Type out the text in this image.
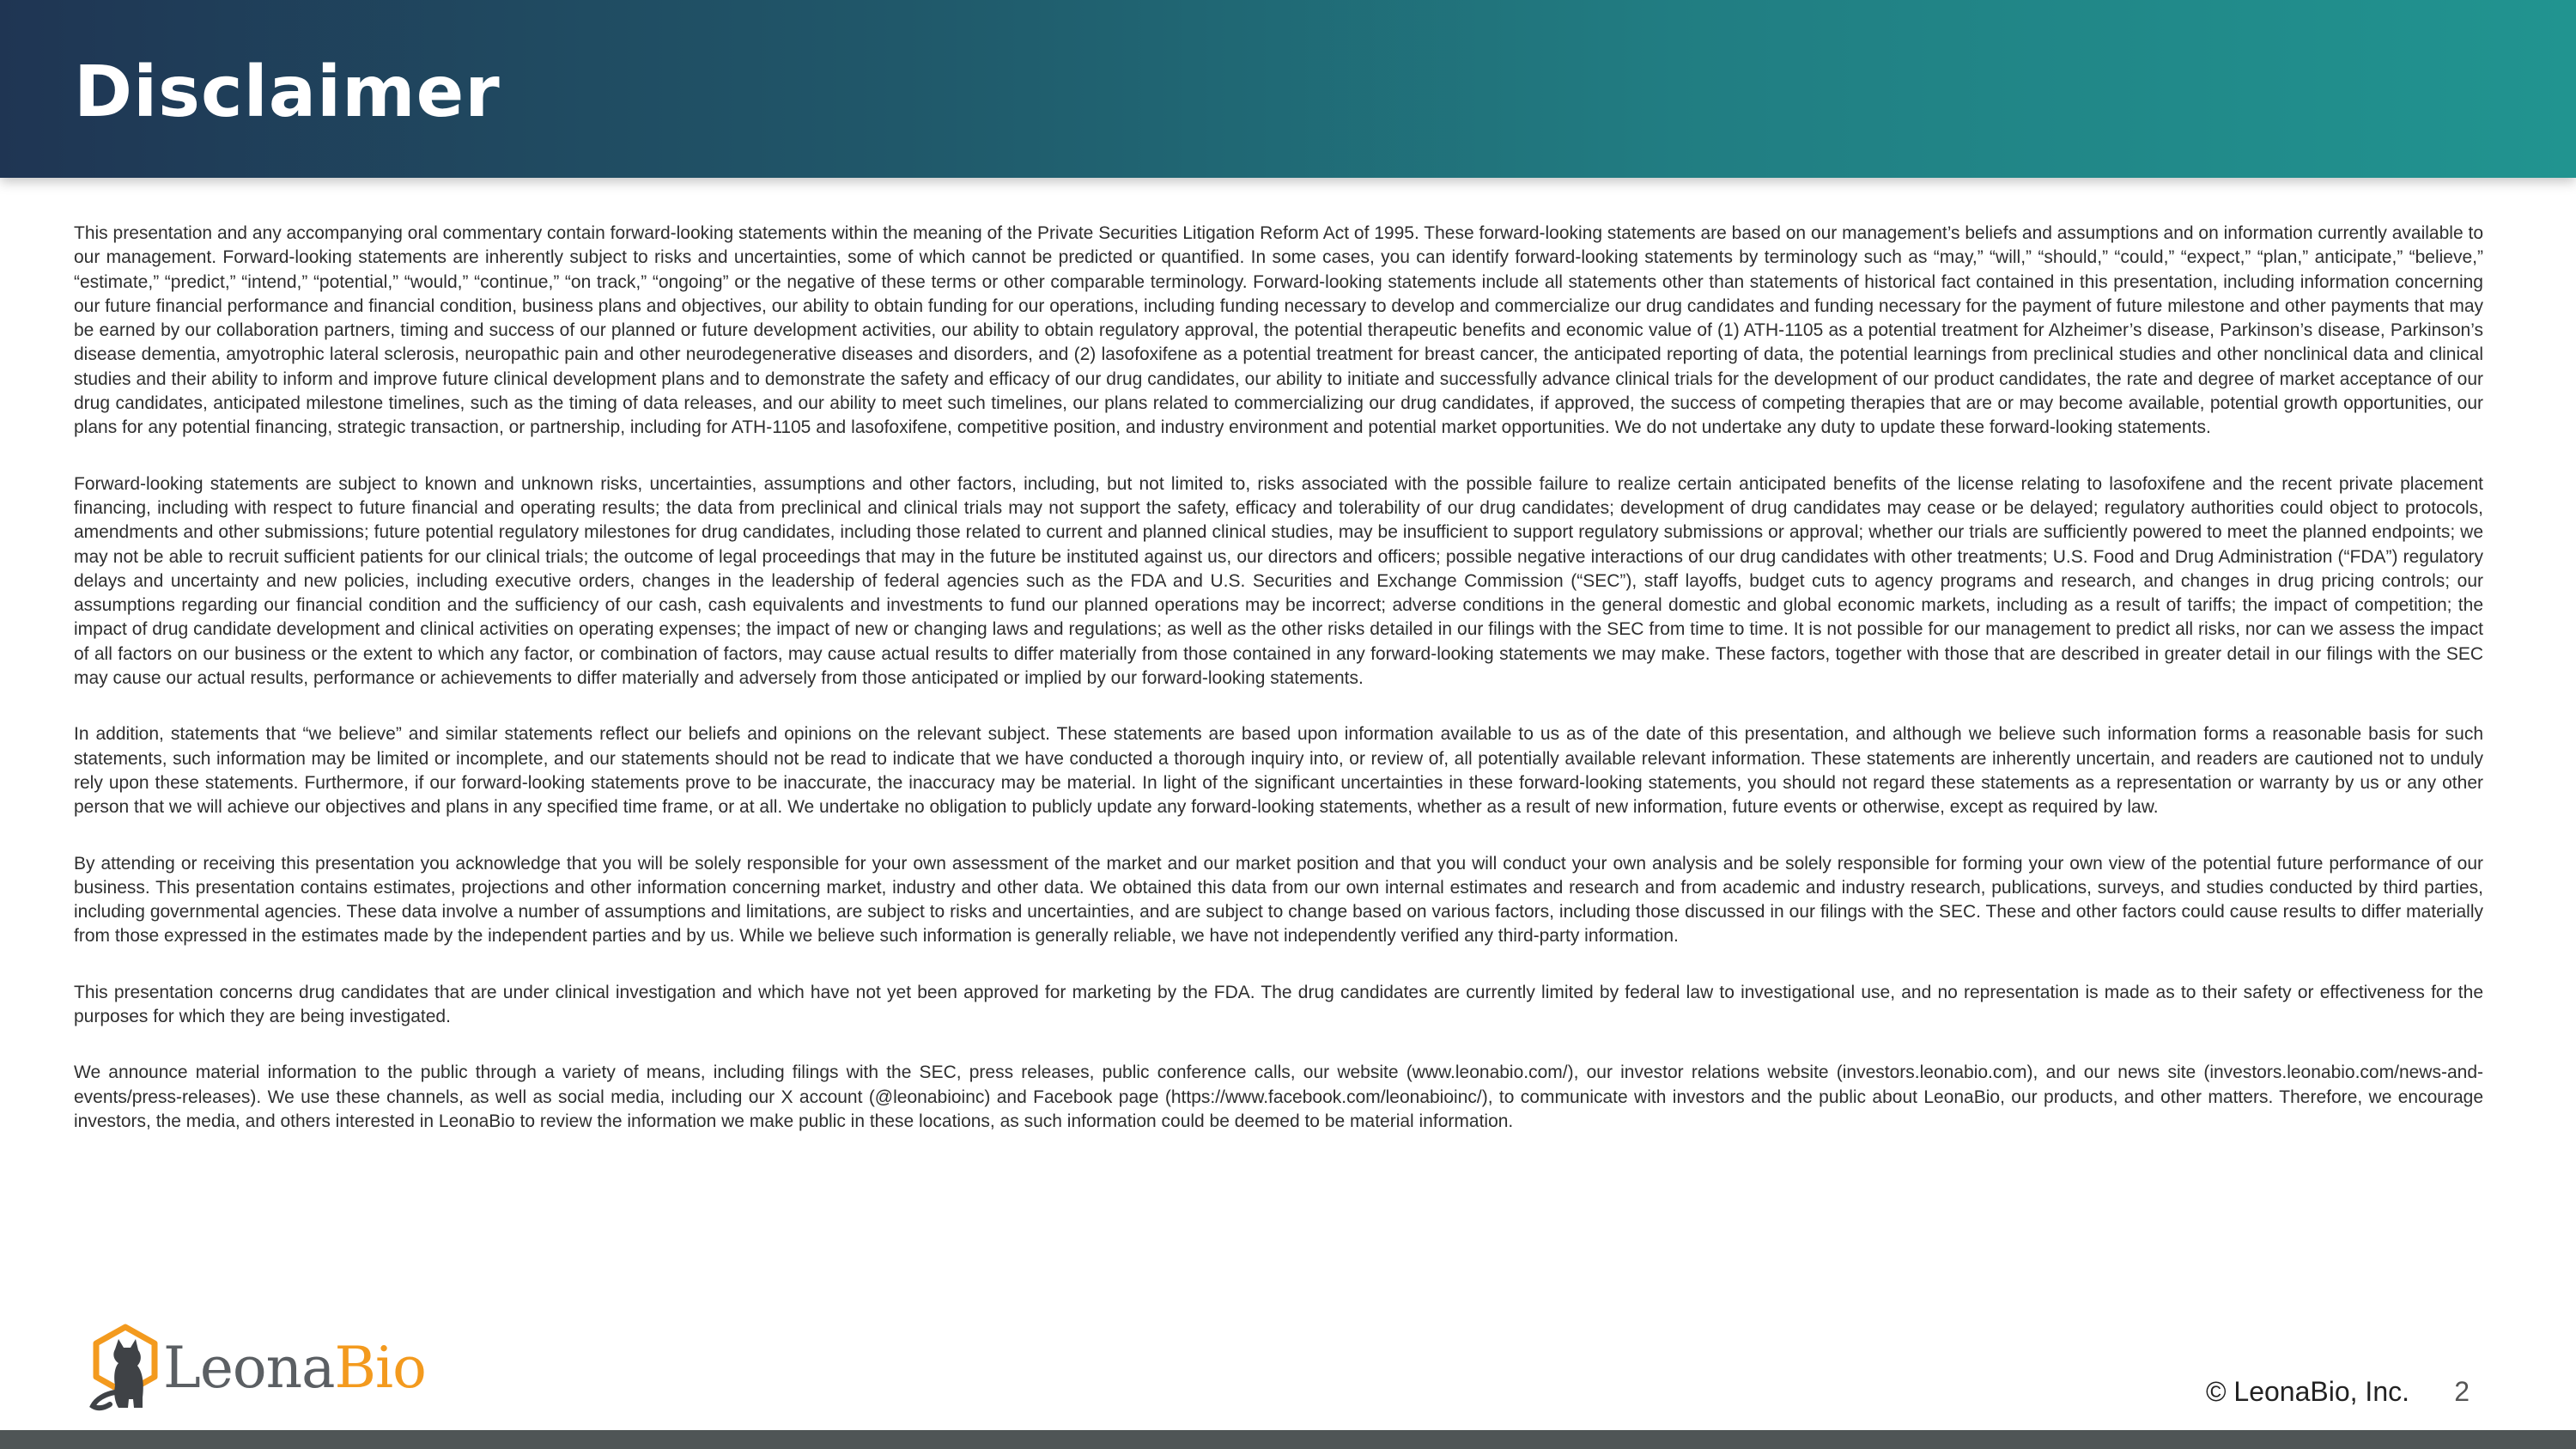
Disclaimer

This presentation and any accompanying oral commentary contain forward-looking statements within the meaning of the Private Securities Litigation Reform Act of 1995. These forward-looking statements are based on our management’s beliefs and assumptions and on information currently available to our management. Forward-looking statements are inherently subject to risks and uncertainties, some of which cannot be predicted or quantified. In some cases, you can identify forward-looking statements by terminology such as “may,” “will,” “should,” “could,” “expect,” “plan,” anticipate,” “believe,” “estimate,” “predict,” “intend,” “potential,” “would,” “continue,” “on track,” “ongoing” or the negative of these terms or other comparable terminology. Forward-looking statements include all statements other than statements of historical fact contained in this presentation, including information concerning our future financial performance and financial condition, business plans and objectives, our ability to obtain funding for our operations, including funding necessary to develop and commercialize our drug candidates and funding necessary for the payment of future milestone and other payments that may be earned by our collaboration partners, timing and success of our planned or future development activities, our ability to obtain regulatory approval, the potential therapeutic benefits and economic value of (1) ATH-1105 as a potential treatment for Alzheimer’s disease, Parkinson’s disease, Parkinson’s disease dementia, amyotrophic lateral sclerosis, neuropathic pain and other neurodegenerative diseases and disorders, and (2) lasofoxifene as a potential treatment for breast cancer, the anticipated reporting of data, the potential learnings from preclinical studies and other nonclinical data and clinical studies and their ability to inform and improve future clinical development plans and to demonstrate the safety and efficacy of our drug candidates, our ability to initiate and successfully advance clinical trials for the development of our product candidates, the rate and degree of market acceptance of our drug candidates, anticipated milestone timelines, such as the timing of data releases, and our ability to meet such timelines, our plans related to commercializing our drug candidates, if approved, the success of competing therapies that are or may become available, potential growth opportunities, our plans for any potential financing, strategic transaction, or partnership, including for ATH-1105 and lasofoxifene, competitive position, and industry environment and potential market opportunities. We do not undertake any duty to update these forward-looking statements.

Forward-looking statements are subject to known and unknown risks, uncertainties, assumptions and other factors, including, but not limited to, risks associated with the possible failure to realize certain anticipated benefits of the license relating to lasofoxifene and the recent private placement financing, including with respect to future financial and operating results; the data from preclinical and clinical trials may not support the safety, efficacy and tolerability of our drug candidates; development of drug candidates may cease or be delayed; regulatory authorities could object to protocols, amendments and other submissions; future potential regulatory milestones for drug candidates, including those related to current and planned clinical studies, may be insufficient to support regulatory submissions or approval; whether our trials are sufficiently powered to meet the planned endpoints; we may not be able to recruit sufficient patients for our clinical trials; the outcome of legal proceedings that may in the future be instituted against us, our directors and officers; possible negative interactions of our drug candidates with other treatments; U.S. Food and Drug Administration (“FDA”) regulatory delays and uncertainty and new policies, including executive orders, changes in the leadership of federal agencies such as the FDA and U.S. Securities and Exchange Commission (“SEC”), staff layoffs, budget cuts to agency programs and research, and changes in drug pricing controls; our assumptions regarding our financial condition and the sufficiency of our cash, cash equivalents and investments to fund our planned operations may be incorrect; adverse conditions in the general domestic and global economic markets, including as a result of tariffs; the impact of competition; the impact of drug candidate development and clinical activities on operating expenses; the impact of new or changing laws and regulations; as well as the other risks detailed in our filings with the SEC from time to time. It is not possible for our management to predict all risks, nor can we assess the impact of all factors on our business or the extent to which any factor, or combination of factors, may cause actual results to differ materially from those contained in any forward-looking statements we may make. These factors, together with those that are described in greater detail in our filings with the SEC may cause our actual results, performance or achievements to differ materially and adversely from those anticipated or implied by our forward-looking statements.

In addition, statements that “we believe” and similar statements reflect our beliefs and opinions on the relevant subject. These statements are based upon information available to us as of the date of this presentation, and although we believe such information forms a reasonable basis for such statements, such information may be limited or incomplete, and our statements should not be read to indicate that we have conducted a thorough inquiry into, or review of, all potentially available relevant information. These statements are inherently uncertain, and readers are cautioned not to unduly rely upon these statements. Furthermore, if our forward-looking statements prove to be inaccurate, the inaccuracy may be material. In light of the significant uncertainties in these forward-looking statements, you should not regard these statements as a representation or warranty by us or any other person that we will achieve our objectives and plans in any specified time frame, or at all. We undertake no obligation to publicly update any forward-looking statements, whether as a result of new information, future events or otherwise, except as required by law.

By attending or receiving this presentation you acknowledge that you will be solely responsible for your own assessment of the market and our market position and that you will conduct your own analysis and be solely responsible for forming your own view of the potential future performance of our business. This presentation contains estimates, projections and other information concerning market, industry and other data. We obtained this data from our own internal estimates and research and from academic and industry research, publications, surveys, and studies conducted by third parties, including governmental agencies. These data involve a number of assumptions and limitations, are subject to risks and uncertainties, and are subject to change based on various factors, including those discussed in our filings with the SEC. These and other factors could cause results to differ materially from those expressed in the estimates made by the independent parties and by us. While we believe such information is generally reliable, we have not independently verified any third-party information.

This presentation concerns drug candidates that are under clinical investigation and which have not yet been approved for marketing by the FDA. The drug candidates are currently limited by federal law to investigational use, and no representation is made as to their safety or effectiveness for the purposes for which they are being investigated.

We announce material information to the public through a variety of means, including filings with the SEC, press releases, public conference calls, our website (www.leonabio.com/), our investor relations website (investors.leonabio.com), and our news site (investors.leonabio.com/news-and-events/press-releases). We use these channels, as well as social media, including our X account (@leonabioinc) and Facebook page (https://www.facebook.com/leonabioinc/), to communicate with investors and the public about LeonaBio, our products, and other matters. Therefore, we encourage investors, the media, and others interested in LeonaBio to review the information we make public in these locations, as such information could be deemed to be material information.

LeonaBio	© LeonaBio, Inc. 2
